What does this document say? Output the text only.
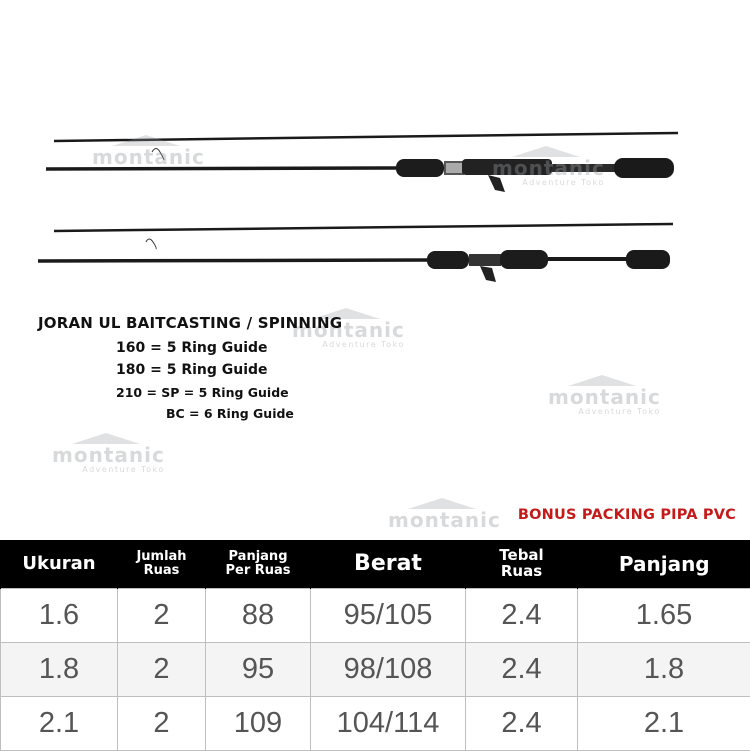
montanic	montanic
Adventure Toko
montanic
Adventure Toko
montanic
Adventure Toko
montanic
Adventure Toko
montanic
JORAN UL BAITCASTING / SPINNING
160 = 5 Ring Guide
180 = 5 Ring Guide
210 = SP = 5 Ring Guide
BC = 6 Ring Guide
BONUS PACKING PIPA PVC
Ukuran	Jumlah Ruas	Panjang Per Ruas	Berat	Tebal Ruas	Panjang
1.6	2	88	95/105	2.4	1.65
1.8	2	95	98/108	2.4	1.8
2.1	2	109	104/114	2.4	2.1
